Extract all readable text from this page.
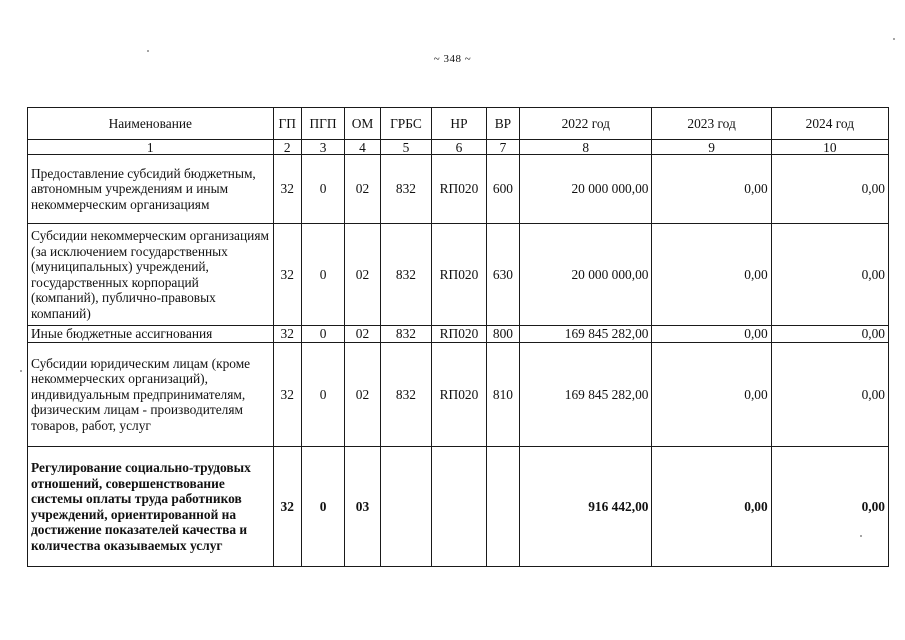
~ 348 ~
Наименование	ГП	ПГП	ОМ	ГРБС	НР	ВР	2022 год	2023 год	2024 год
1	2	3	4	5	6	7	8	9	10
Предоставление субсидий бюджетным, автономным учреждениям и иным некоммерческим организациям	32	0	02	832	RП020	600	20 000 000,00	0,00	0,00
Субсидии некоммерческим организациям (за исключением государственных (муниципальных) учреждений, государственных корпораций (компаний), публично-правовых компаний)	32	0	02	832	RП020	630	20 000 000,00	0,00	0,00
Иные бюджетные ассигнования	32	0	02	832	RП020	800	169 845 282,00	0,00	0,00
Субсидии юридическим лицам (кроме некоммерческих организаций), индивидуальным предпринимателям, физическим лицам - производителям товаров, работ, услуг	32	0	02	832	RП020	810	169 845 282,00	0,00	0,00
Регулирование социально-трудовых отношений, совершенствование системы оплаты труда работников учреждений, ориентированной на достижение показателей качества и количества оказываемых услуг	32	0	03				916 442,00	0,00	0,00
